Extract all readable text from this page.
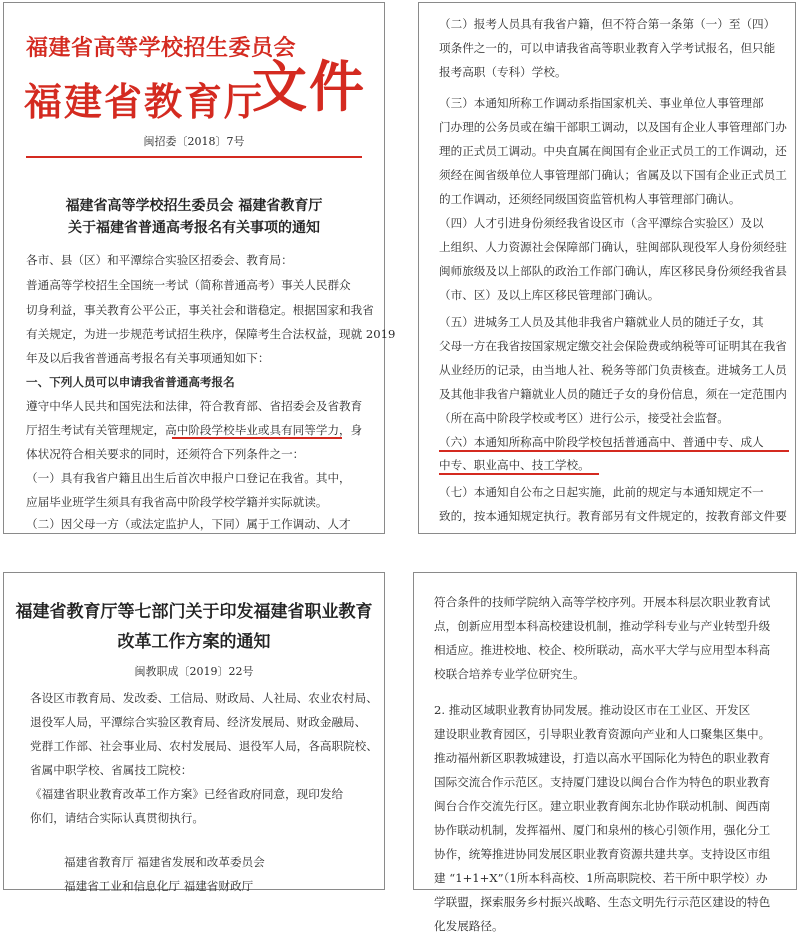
福建省高等学校招生委员会
福建省教育厅
文件
闽招委〔2018〕7号
福建省高等学校招生委员会 福建省教育厅
关于福建省普通高考报名有关事项的通知
各市、县（区）和平潭综合实验区招委会、教育局：
普通高等学校招生全国统一考试（简称普通高考）事关人民群众
切身利益，事关教育公平公正，事关社会和谐稳定。根据国家和我省
有关规定，为进一步规范考试招生秩序，保障考生合法权益，现就 2019
年及以后我省普通高考报名有关事项通知如下：
一、下列人员可以申请我省普通高考报名
遵守中华人民共和国宪法和法律，符合教育部、省招委会及省教育
厅招生考试有关管理规定，高中阶段学校毕业或具有同等学力，身
体状况符合相关要求的同时，还须符合下列条件之一：
（一）具有我省户籍且出生后首次申报户口登记在我省。其中，
应届毕业班学生须具有我省高中阶段学校学籍并实际就读。
（二）因父母一方（或法定监护人，下同）属于工作调动、人才
（二）报考人员具有我省户籍，但不符合第一条第（一）至（四）
项条件之一的，可以申请我省高等职业教育入学考试报名，但只能
报考高职（专科）学校。
（三）本通知所称工作调动系指国家机关、事业单位人事管理部
门办理的公务员或在编干部职工调动，以及国有企业人事管理部门办
理的正式员工调动。中央直属在闽国有企业正式员工的工作调动，还
须经在闽省级单位人事管理部门确认；省属及以下国有企业正式员工
的工作调动，还须经同级国资监管机构人事管理部门确认。
（四）人才引进身份须经我省设区市（含平潭综合实验区）及以
上组织、人力资源社会保障部门确认，驻闽部队现役军人身份须经驻
闽师旅级及以上部队的政治工作部门确认，库区移民身份须经我省县
（市、区）及以上库区移民管理部门确认。
（五）进城务工人员及其他非我省户籍就业人员的随迁子女，其
父母一方在我省按国家规定缴交社会保险费或纳税等可证明其在我省
从业经历的记录，由当地人社、税务等部门负责核查。进城务工人员
及其他非我省户籍就业人员的随迁子女的身份信息，须在一定范围内
（所在高中阶段学校或考区）进行公示，接受社会监督。
（六）本通知所称高中阶段学校包括普通高中、普通中专、成人
中专、职业高中、技工学校。
（七）本通知自公布之日起实施，此前的规定与本通知规定不一
致的，按本通知规定执行。教育部另有文件规定的，按教育部文件要
福建省教育厅等七部门关于印发福建省职业教育
改革工作方案的通知
闽教职成〔2019〕22号
各设区市教育局、发改委、工信局、财政局、人社局、农业农村局、
退役军人局，平潭综合实验区教育局、经济发展局、财政金融局、
党群工作部、社会事业局、农村发展局、退役军人局，各高职院校、
省属中职学校、省属技工院校：
《福建省职业教育改革工作方案》已经省政府同意，现印发给
你们，请结合实际认真贯彻执行。
福建省教育厅 福建省发展和改革委员会
福建省工业和信息化厅 福建省财政厅
符合条件的技师学院纳入高等学校序列。开展本科层次职业教育试
点，创新应用型本科高校建设机制，推动学科专业与产业转型升级
相适应。推进校地、校企、校所联动，高水平大学与应用型本科高
校联合培养专业学位研究生。
2. 推动区域职业教育协同发展。推动设区市在工业区、开发区
建设职业教育园区，引导职业教育资源向产业和人口聚集区集中。
推动福州新区职教城建设，打造以高水平国际化为特色的职业教育
国际交流合作示范区。支持厦门建设以闽台合作为特色的职业教育
闽台合作交流先行区。建立职业教育闽东北协作联动机制、闽西南
协作联动机制，发挥福州、厦门和泉州的核心引领作用，强化分工
协作，统筹推进协同发展区职业教育资源共建共享。支持设区市组
建 “1+1+X”（1所本科高校、1所高职院校、若干所中职学校）办
学联盟，探索服务乡村振兴战略、生态文明先行示范区建设的特色
化发展路径。
